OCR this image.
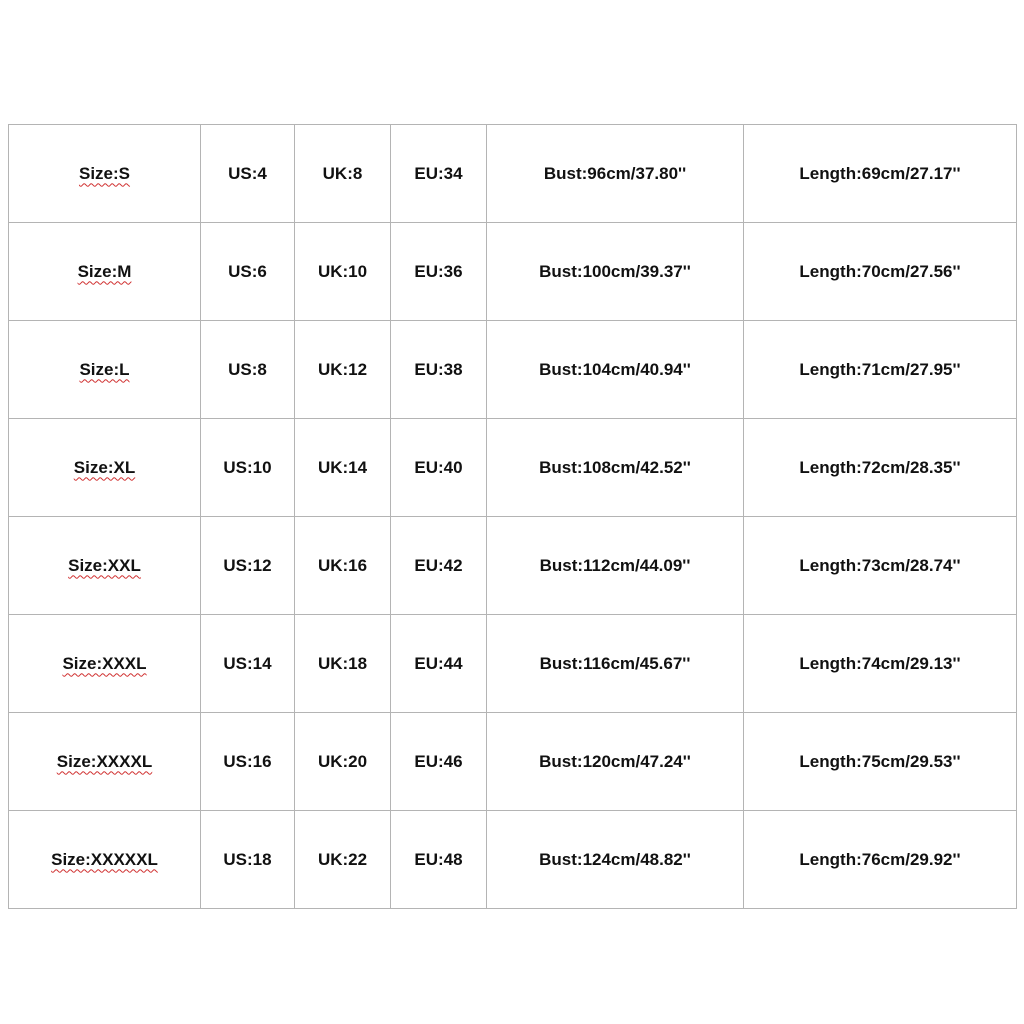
Size:S	US:4	UK:8	EU:34	Bust:96cm/37.80''	Length:69cm/27.17''
Size:M	US:6	UK:10	EU:36	Bust:100cm/39.37''	Length:70cm/27.56''
Size:L	US:8	UK:12	EU:38	Bust:104cm/40.94''	Length:71cm/27.95''
Size:XL	US:10	UK:14	EU:40	Bust:108cm/42.52''	Length:72cm/28.35''
Size:XXL	US:12	UK:16	EU:42	Bust:112cm/44.09''	Length:73cm/28.74''
Size:XXXL	US:14	UK:18	EU:44	Bust:116cm/45.67''	Length:74cm/29.13''
Size:XXXXL	US:16	UK:20	EU:46	Bust:120cm/47.24''	Length:75cm/29.53''
Size:XXXXXL	US:18	UK:22	EU:48	Bust:124cm/48.82''	Length:76cm/29.92''
